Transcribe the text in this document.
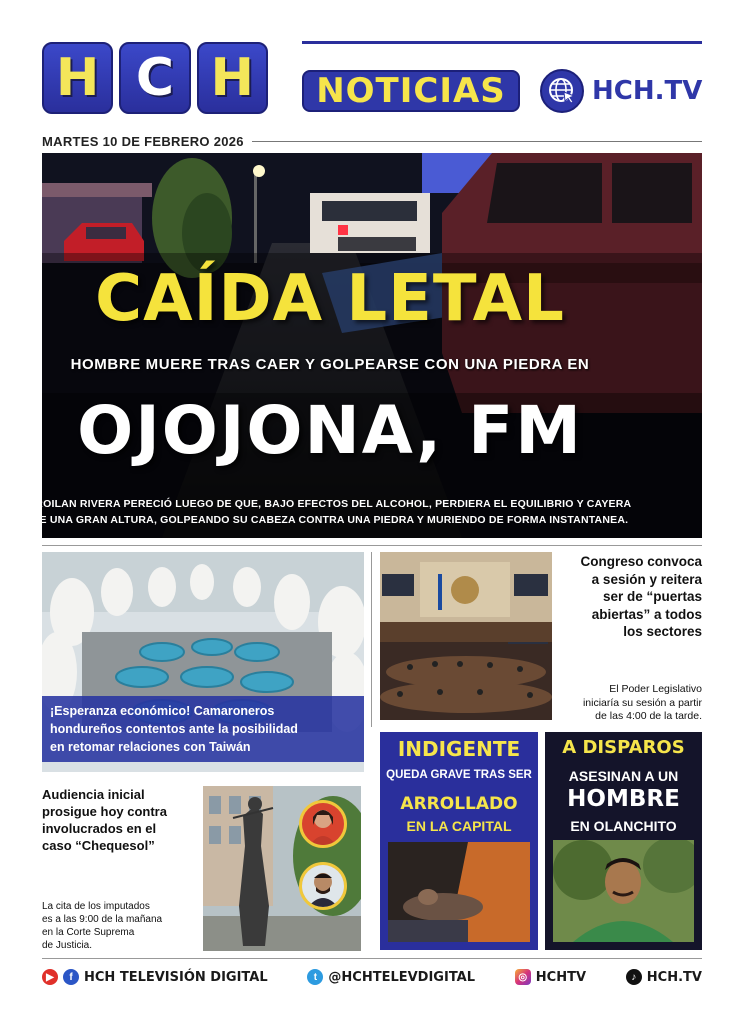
H C H	NOTICIAS	HCH.TV
MARTES 10 DE FEBRERO 2026
CAÍDA LETAL
HOMBRE MUERE TRAS CAER Y GOLPEARSE CON UNA PIEDRA EN
OJOJONA, FM
FROILAN RIVERA PERECIÓ LUEGO DE QUE, BAJO EFECTOS DEL ALCOHOL, PERDIERA EL EQUILIBRIO Y CAYERA
DE UNA GRAN ALTURA, GOLPEANDO SU CABEZA CONTRA UNA PIEDRA Y MURIENDO DE FORMA INSTANTANEA.
¡Esperanza económico! Camaroneros
hondureños contentos ante la posibilidad
en retomar relaciones con Taiwán
Congreso convoca
a sesión y reitera
ser de “puertas
abiertas” a todos
los sectores
El Poder Legislativo
iniciaría su sesión a partir
de las 4:00 de la tarde.
Audiencia inicial
prosigue hoy contra
involucrados en el
caso “Chequesol”
La cita de los imputados
es a las 9:00 de la mañana
en la Corte Suprema
de Justicia.
INDIGENTE
QUEDA GRAVE TRAS SER
ARROLLADO
EN LA CAPITAL
A DISPAROS
ASESINAN A UN
HOMBRE
EN OLANCHITO
▶	f HCH TELEVISIÓN DIGITAL	t @HCHTELEVDIGITAL	◎ HCHTV	♪ HCH.TV
